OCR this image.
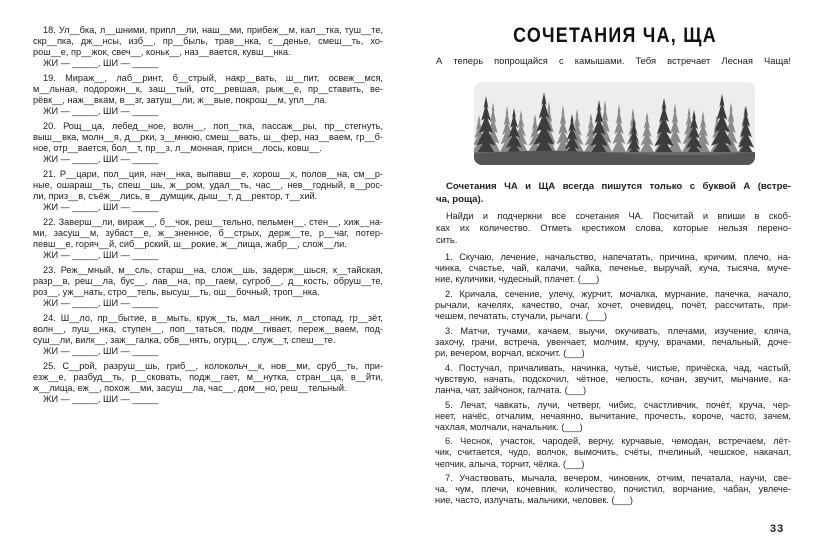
18. Ул__бка, л__шними, припл__ли, наш__ми, прибеж__м, кал__тка, туш__те,
скр__пка, дж__нсы, изб__, пр__быль, трав__нка, с__денье, смеш__ть, хо-
рош__е, пр__жок, свеч__, коньк__, наз__вается, кувш__нка.
ЖИ — _____, ШИ — _____
19. Мираж__, лаб__ринт, б__стрый, накр__вать, ш__пит, освеж__мся,
м__льная, подорожн__к, заш__тый, отс__ревшая, рыж__е, пр__ставить, ве-
рёвк__, наж__вкам, в__зг, затуш__ли, ж__вые, покрош__м, упл__ла.
ЖИ — _____, ШИ — _____
20. Рощ__ца, лебед__ное, волн__, поп__тка, пассаж__ры, пр__стегнуть,
выш__вка, молн__я, д__рки, з__мнюю, смеш__вать, ш__фер, наз__ваем, гр__б-
ное, отр__вается, бол__т, пр__з, л__монная, присн__лось, ковш__.
ЖИ — _____, ШИ — _____
21. Р__цари, пол__ция, нач__нка, выпавш__е, хорош__х, полов__на, см__р-
ные, ошараш__ть, спеш__шь, ж__ром, удал__ть, час__, нев__годный, в__рос-
ли, приз__в, съёж__лись, в__думщик, дыш__т, д__ректор, т__хий.
ЖИ — _____, ШИ — _____
22. Заверш__ли, вираж__, б__чок, реш__тельно, пельмен__, стен__, хиж__на-
ми, засуш__м, зубаст__е, ж__зненное, б__стрых, держ__те, р__чаг, потер-
певш__е, горяч__й, сиб__рский, ш__рокие, ж__лища, жабр__, слож__ли.
ЖИ — _____, ШИ — _____
23. Реж__мный, м__сль, старш__на, слож__шь, задерж__шься, к__тайская,
разр__в, реш__ла, бус__, лав__на, пр__гаем, сугроб__, д__кость, обруш__те,
роз__, уж__нать, стро__тель, высуш__ть, ош__бочный, троп__нка.
ЖИ — _____, ШИ — _____
24. Ш__ло, пр__бытие, в__мыть, круж__ть, мал__нник, л__стопад, гр__зёт,
волн__, пуш__нка, ступен__, поп__таться, подм__гивает, переж__ваем, под-
суш__ли, вилк__, заж__галка, обв__нять, огурц__, служ__т, спеш__те.
ЖИ — _____, ШИ — _____
25. С__рой, разруш__шь, гриб__, колокольч__к, нов__ми, сруб__ть, при-
езж__е, разбуд__ть, р__сковать, подж__гает, м__нутка, стран__ца, в__йти,
ж__лища, еж__, похож__ми, засуш__ла, час__, дом__но, реш__тельный.
ЖИ — _____, ШИ — _____
СОЧЕТАНИЯ ЧА, ЩА
А теперь попрощайся с камышами. Тебя встречает Лесная Чаща!
Сочетания ЧА и ЩА всегда пишутся только с буквой А (встре-
ча, роща).
Найди и подчеркни все сочетания ЧА. Посчитай и впиши в скоб-
ках их количество. Отметь крестиком слова, которые нельзя перено-
сить.
1. Скучаю, лечение, начальство, напечатать, причина, кричим, плечо, на-
чинка, счастье, чай, калачи, чайка, печенье, выручай, куча, тысяча, муче-
ние, куличики, чудесный, плачет. (___)
2. Кричала, сечение, улечу, журчит, мочалка, мурчание, пачечка, начало,
рычали, качелях, качество, очаг, хочет, очевидец, почёт, рассчитать, при-
чешем, печатать, стучали, рычаги. (___)
3. Матчи, тучами, качаем, выучи, окучивать, плечами, изучение, кляча,
захочу, грачи, встреча, увенчает, молчим, кручу, врачами, печальный, доче-
ри, вечером, ворчал, вскочит. (___)
4. Постучал, причаливать, начинка, чутьё, чистые, причёска, чад, частый,
чувствую, начать, подскочил, чётное, челюсть, кочан, звучит, мычание, ка-
ланча, чат, зайчонок, галчата. (___)
5. Лечат, чавкать, лучи, четверг, чибис, счастливчик, почёт, круча, чер-
неет, начёс, отчалим, нечаянно, вычитание, прочесть, короче, часто, зачем,
чахлая, молчали, начальник. (___)
6. Чеснок, участок, чародей, верчу, курчавые, чемодан, встречаем, лёт-
чик, считается, чудо, волчок, вымочить, счёты, пчелиный, чешское, накачал,
чепчик, алыча, торчит, чёлка. (___)
7. Участвовать, мычала, вечером, чиновник, отчим, печатала, научи, све-
ча, чум, плечи, кочевник, количество, почистил, ворчание, чабан, увлече-
ние, часто, излучать, мальчики, человек. (___)
33
